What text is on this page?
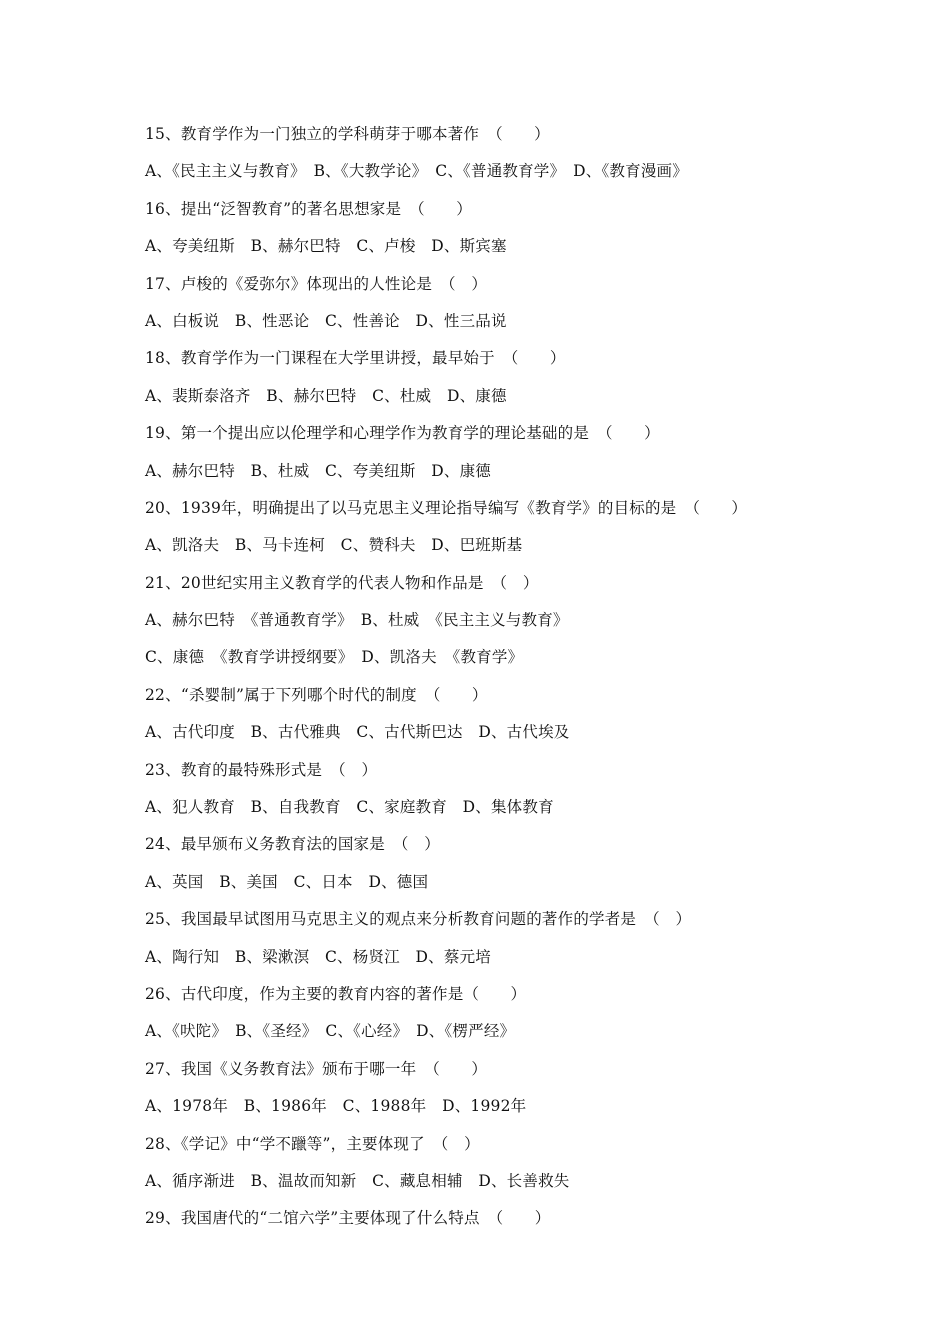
15、教育学作为一门独立的学科萌芽于哪本著作　（　　）
A、《民主主义与教育》　B、《大教学论》　C、《普通教育学》　D、《教育漫画》
16、提出“泛智教育”的著名思想家是　（　　）
A、夸美纽斯　B、赫尔巴特　C、卢梭　D、斯宾塞
17、卢梭的《爱弥尔》体现出的人性论是　（　）
A、白板说　B、性恶论　C、性善论　D、性三品说
18、教育学作为一门课程在大学里讲授，最早始于　（　　）
A、裴斯泰洛齐　B、赫尔巴特　C、杜威　D、康德
19、第一个提出应以伦理学和心理学作为教育学的理论基础的是　（　　）
A、赫尔巴特　B、杜威　C、夸美纽斯　D、康德
20、1939年，明确提出了以马克思主义理论指导编写《教育学》的目标的是　（　　）
A、凯洛夫　B、马卡连柯　C、赞科夫　D、巴班斯基
21、20世纪实用主义教育学的代表人物和作品是　（　）
A、赫尔巴特　《普通教育学》　B、杜威　《民主主义与教育》
C、康德　《教育学讲授纲要》　D、凯洛夫　《教育学》
22、“杀婴制”属于下列哪个时代的制度　（　　）
A、古代印度　B、古代雅典　C、古代斯巴达　D、古代埃及
23、教育的最特殊形式是　（　）
A、犯人教育　B、自我教育　C、家庭教育　D、集体教育
24、最早颁布义务教育法的国家是　（　）
A、英国　B、美国　C、日本　D、德国
25、我国最早试图用马克思主义的观点来分析教育问题的著作的学者是　（　）
A、陶行知　B、梁漱溟　C、杨贤江　D、蔡元培
26、古代印度，作为主要的教育内容的著作是（　　）
A、《吠陀》　B、《圣经》　C、《心经》　D、《楞严经》
27、我国《义务教育法》颁布于哪一年　（　　）
A、1978年　B、1986年　C、1988年　D、1992年
28、《学记》中“学不躐等”，主要体现了　（　）
A、循序渐进　B、温故而知新　C、藏息相辅　D、长善救失
29、我国唐代的“二馆六学”主要体现了什么特点　（　　）
